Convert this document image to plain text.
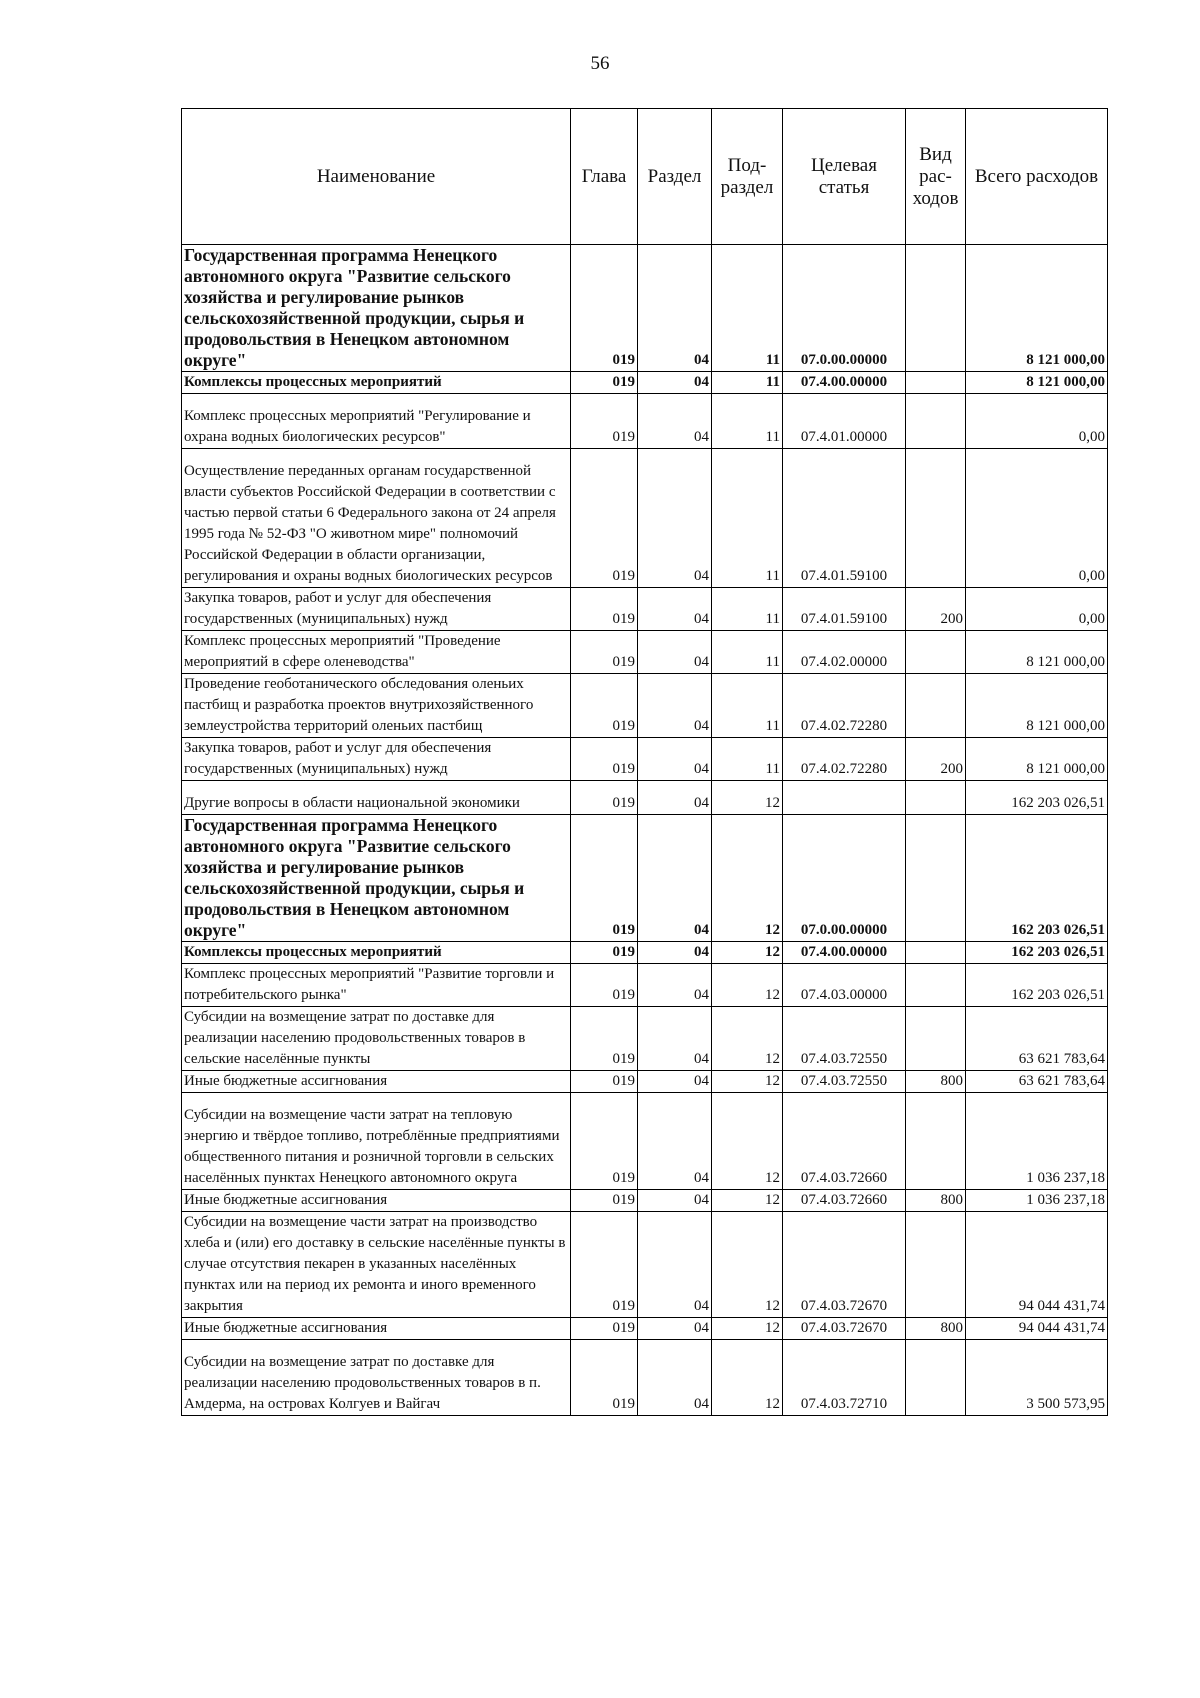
56
Наименование	Глава	Раздел	Под-раздел	Целевая статья	Вид рас-ходов	Всего расходов
Государственная программа Ненецкого автономного округа "Развитие сельского хозяйства и регулирование рынков сельскохозяйственной продукции, сырья и продовольствия в Ненецком автономном округе"	019	04	11	07.0.00.00000		8 121 000,00
Комплексы процессных мероприятий	019	04	11	07.4.00.00000		8 121 000,00

Комплекс процессных мероприятий "Регулирование и охрана водных биологических ресурсов"	019	04	11	07.4.01.00000		0,00

Осуществление переданных органам государственной власти субъектов Российской Федерации в соответствии с частью первой статьи 6 Федерального закона от 24 апреля 1995 года № 52-ФЗ "О животном мире" полномочий Российской Федерации в области организации, регулирования и охраны водных биологических ресурсов	019	04	11	07.4.01.59100		0,00
Закупка товаров, работ и услуг для обеспечения государственных (муниципальных) нужд	019	04	11	07.4.01.59100	200	0,00
Комплекс процессных мероприятий "Проведение мероприятий в сфере оленеводства"	019	04	11	07.4.02.00000		8 121 000,00
Проведение геоботанического обследования оленьих пастбищ и разработка проектов внутрихозяйственного землеустройства территорий оленьих пастбищ	019	04	11	07.4.02.72280		8 121 000,00
Закупка товаров, работ и услуг для обеспечения государственных (муниципальных) нужд	019	04	11	07.4.02.72280	200	8 121 000,00

Другие вопросы в области национальной экономики	019	04	12			162 203 026,51
Государственная программа Ненецкого автономного округа "Развитие сельского хозяйства и регулирование рынков сельскохозяйственной продукции, сырья и продовольствия в Ненецком автономном округе"	019	04	12	07.0.00.00000		162 203 026,51
Комплексы процессных мероприятий	019	04	12	07.4.00.00000		162 203 026,51
Комплекс процессных мероприятий "Развитие торговли и потребительского рынка"	019	04	12	07.4.03.00000		162 203 026,51
Субсидии на возмещение затрат по доставке для реализации населению продовольственных товаров в сельские населённые пункты	019	04	12	07.4.03.72550		63 621 783,64
Иные бюджетные ассигнования	019	04	12	07.4.03.72550	800	63 621 783,64

Субсидии на возмещение части затрат на тепловую энергию и твёрдое топливо, потреблённые предприятиями общественного питания и розничной торговли в сельских населённых пунктах Ненецкого автономного округа	019	04	12	07.4.03.72660		1 036 237,18
Иные бюджетные ассигнования	019	04	12	07.4.03.72660	800	1 036 237,18
Субсидии на возмещение части затрат на производство хлеба и (или) его доставку в сельские населённые пункты в случае отсутствия пекарен в указанных населённых пунктах или на период их ремонта и иного временного закрытия	019	04	12	07.4.03.72670		94 044 431,74
Иные бюджетные ассигнования	019	04	12	07.4.03.72670	800	94 044 431,74

Субсидии на возмещение затрат по доставке для реализации населению продовольственных товаров в п. Амдерма, на островах Колгуев и Вайгач	019	04	12	07.4.03.72710		3 500 573,95
